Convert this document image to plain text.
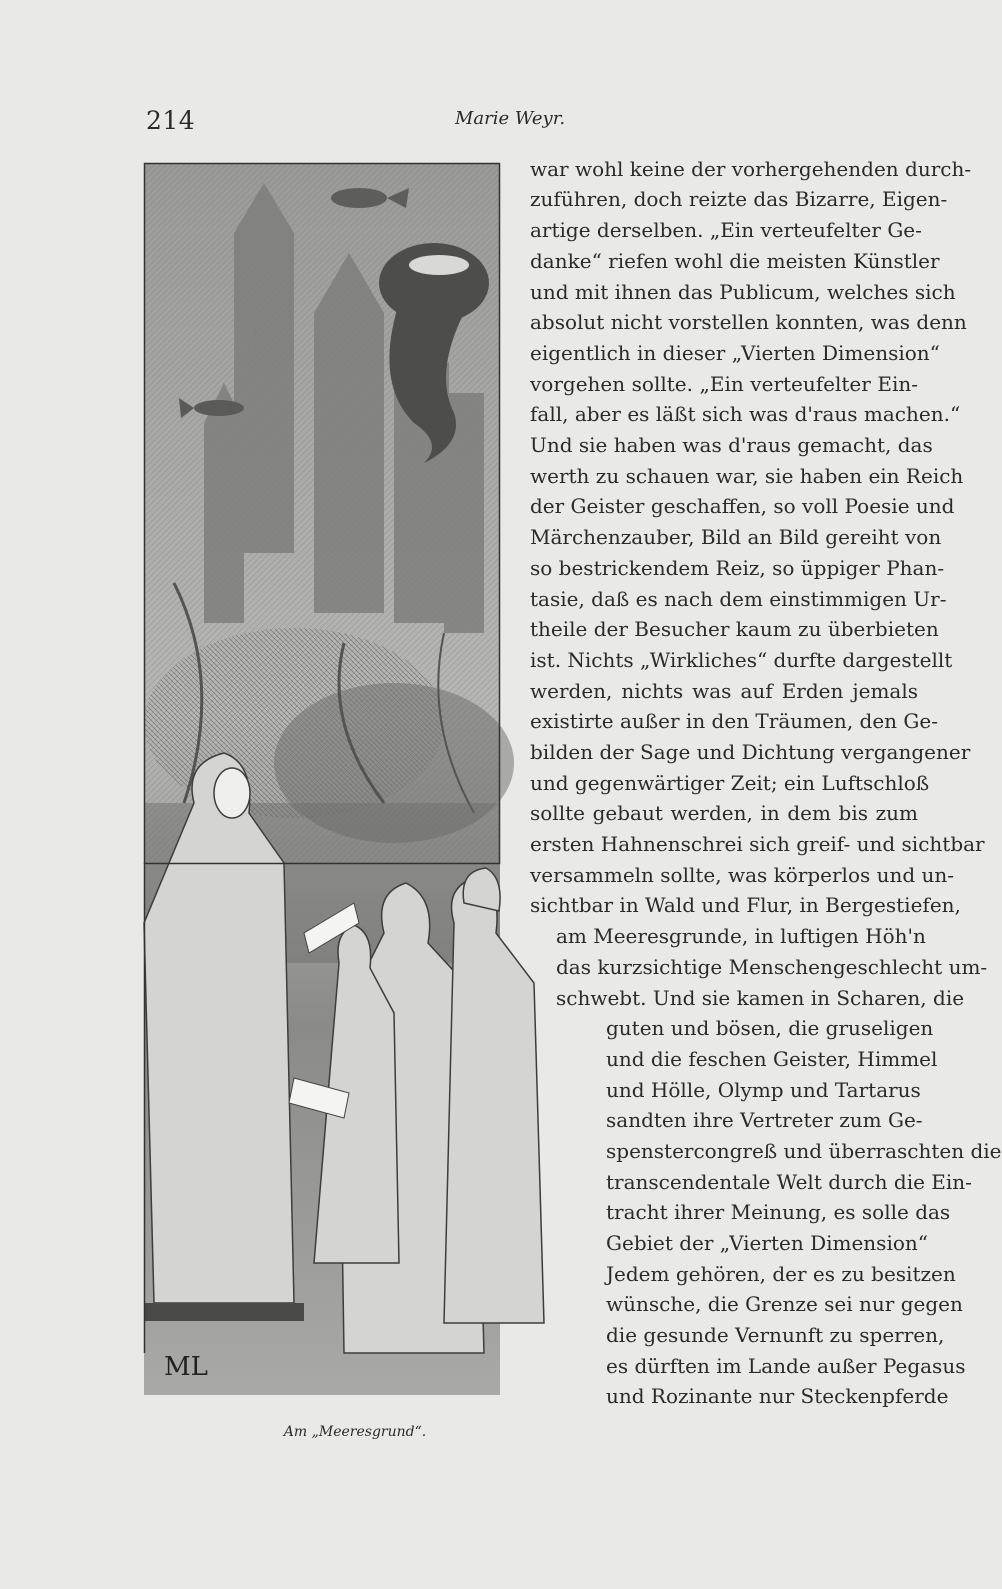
214	Marie Weyr.
ML
Am „Meeresgrund“.
war wohl keine der vorhergehenden durch-
zuführen, doch reizte das Bizarre, Eigen-
artige derselben. „Ein verteufelter Ge-
danke“ riefen wohl die meisten Künstler
und mit ihnen das Publicum, welches sich
absolut nicht vorstellen konnten, was denn
eigentlich in dieser „Vierten Dimension“
vorgehen sollte. „Ein verteufelter Ein-
fall, aber es läßt sich was d'raus machen.“
Und sie haben was d'raus gemacht, das
werth zu schauen war, sie haben ein Reich
der Geister geschaffen, so voll Poesie und
Märchenzauber, Bild an Bild gereiht von
so bestrickendem Reiz, so üppiger Phan-
tasie, daß es nach dem einstimmigen Ur-
theile der Besucher kaum zu überbieten
ist. Nichts „Wirkliches“ durfte dargestellt
werden, nichts was auf Erden jemals
existirte außer in den Träumen, den Ge-
bilden der Sage und Dichtung vergangener
und gegenwärtiger Zeit; ein Luftschloß
sollte gebaut werden, in dem bis zum
ersten Hahnenschrei sich greif- und sichtbar
versammeln sollte, was körperlos und un-
sichtbar in Wald und Flur, in Bergestiefen,
am Meeresgrunde, in luftigen Höh'n
das kurzsichtige Menschengeschlecht um-
schwebt. Und sie kamen in Scharen, die
guten und bösen, die gruseligen
und die feschen Geister, Himmel
und Hölle, Olymp und Tartarus
sandten ihre Vertreter zum Ge-
spenstercongreß und überraschten die
transcendentale Welt durch die Ein-
tracht ihrer Meinung, es solle das
Gebiet der „Vierten Dimension“
Jedem gehören, der es zu besitzen
wünsche, die Grenze sei nur gegen
die gesunde Vernunft zu sperren,
es dürften im Lande außer Pegasus
und Rozinante nur Steckenpferde
